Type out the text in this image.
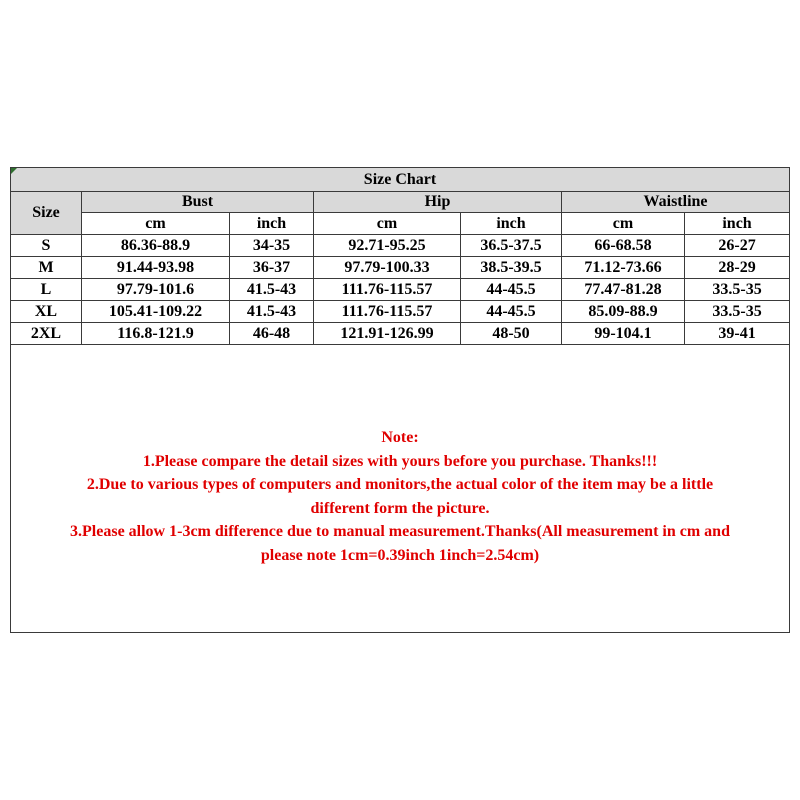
Size Chart						
Size	Bust		Hip		Waistline	
	cm	inch	cm	inch	cm	inch
S	86.36-88.9	34-35	92.71-95.25	36.5-37.5	66-68.58	26-27
M	91.44-93.98	36-37	97.79-100.33	38.5-39.5	71.12-73.66	28-29
L	97.79-101.6	41.5-43	111.76-115.57	44-45.5	77.47-81.28	33.5-35
XL	105.41-109.22	41.5-43	111.76-115.57	44-45.5	85.09-88.9	33.5-35
2XL	116.8-121.9	46-48	121.91-126.99	48-50	99-104.1	39-41
Note:
1.Please compare the detail sizes with yours before you purchase. Thanks!!!
2.Due to various types of computers and monitors,the actual color of the item may be a little
different form the picture.
3.Please allow 1-3cm difference due to manual measurement.Thanks(All measurement in cm and
please note 1cm=0.39inch 1inch=2.54cm)
